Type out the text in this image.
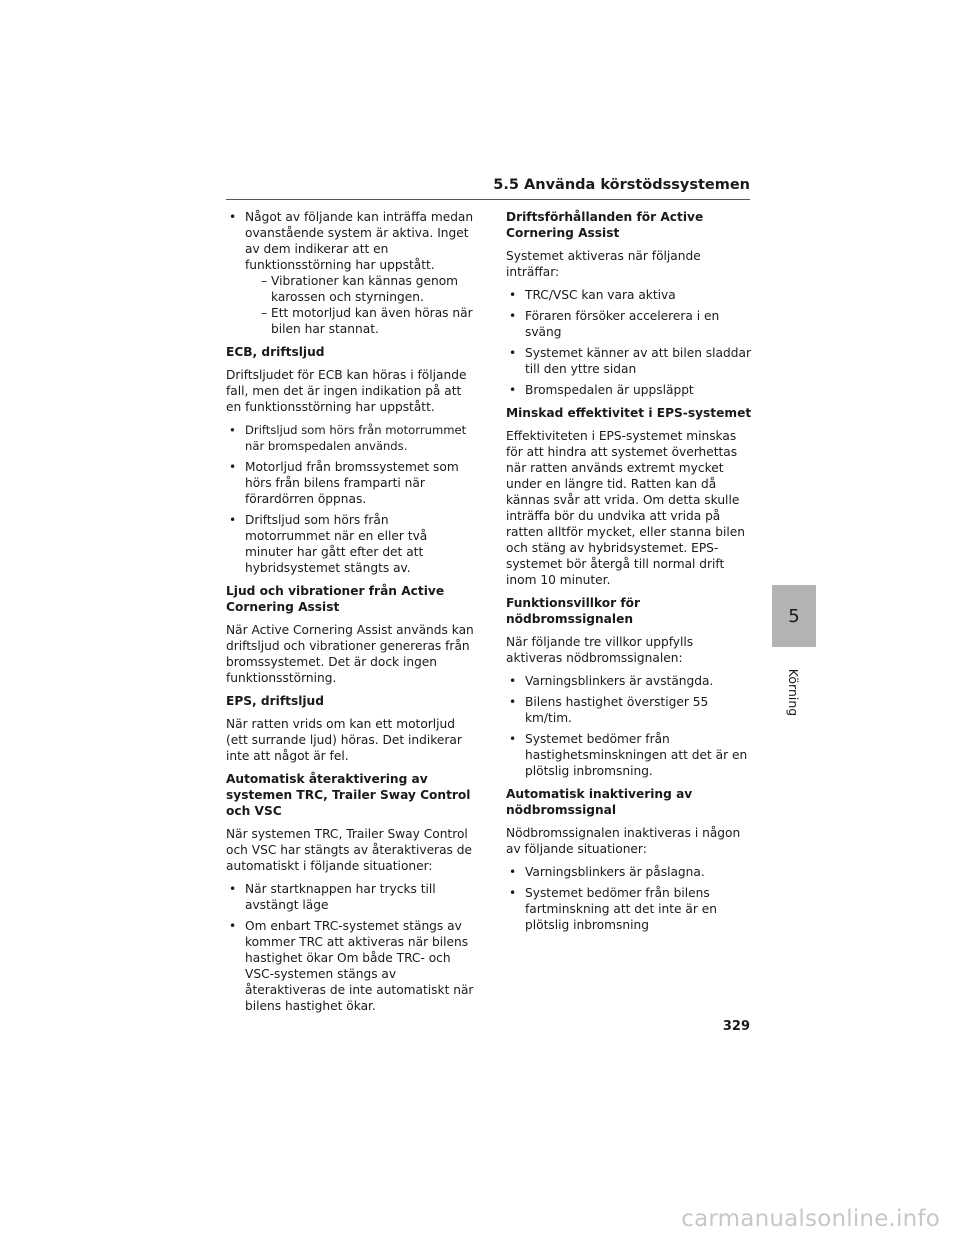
5.5 Använda körstödssystemen
• Något av följande kan inträffa medan ovanstående system är aktiva. Inget av dem indikerar att en funktionsstörning har uppstått.
– Vibrationer kan kännas genom karossen och styrningen.
– Ett motorljud kan även höras när bilen har stannat.
ECB, driftsljud

Driftsljudet för ECB kan höras i följande fall, men det är ingen indikation på att en funktionsstörning har uppstått.

• Driftsljud som hörs från motorrummet när bromspedalen används.
• Motorljud från bromssystemet som hörs från bilens framparti när förardörren öppnas.
• Driftsljud som hörs från motorrummet när en eller två minuter har gått efter det att hybridsystemet stängts av.
Ljud och vibrationer från Active Cornering Assist

När Active Cornering Assist används kan driftsljud och vibrationer genereras från bromssystemet. Det är dock ingen funktionsstörning.

EPS, driftsljud

När ratten vrids om kan ett motorljud (ett surrande ljud) höras. Det indikerar inte att något är fel.

Automatisk återaktivering av systemen TRC, Trailer Sway Control och VSC

När systemen TRC, Trailer Sway Control och VSC har stängts av återaktiveras de automatiskt i följande situationer:

• När startknappen har trycks till avstängt läge
• Om enbart TRC-systemet stängs av kommer TRC att aktiveras när bilens hastighet ökar Om både TRC- och VSC-systemen stängs av återaktiveras de inte automatiskt när bilens hastighet ökar.
Driftsförhållanden för Active Cornering Assist

Systemet aktiveras när följande inträffar:

• TRC/VSC kan vara aktiva
• Föraren försöker accelerera i en sväng
• Systemet känner av att bilen sladdar till den yttre sidan
• Bromspedalen är uppsläppt
Minskad effektivitet i EPS-systemet

Effektiviteten i EPS-systemet minskas för att hindra att systemet överhettas när ratten används extremt mycket under en längre tid. Ratten kan då kännas svår att vrida. Om detta skulle inträffa bör du undvika att vrida på ratten alltför mycket, eller stanna bilen och stäng av hybridsystemet. EPS-systemet bör återgå till normal drift inom 10 minuter.

Funktionsvillkor för nödbromssignalen

När följande tre villkor uppfylls aktiveras nödbromssignalen:

• Varningsblinkers är avstängda.
• Bilens hastighet överstiger 55 km/tim.
• Systemet bedömer från hastighetsminskningen att det är en plötslig inbromsning.
Automatisk inaktivering av nödbromssignal

Nödbromssignalen inaktiveras i någon av följande situationer:

• Varningsblinkers är påslagna.
• Systemet bedömer från bilens fartminskning att det inte är en plötslig inbromsning
5
Körning
329
carmanualsonline.info
